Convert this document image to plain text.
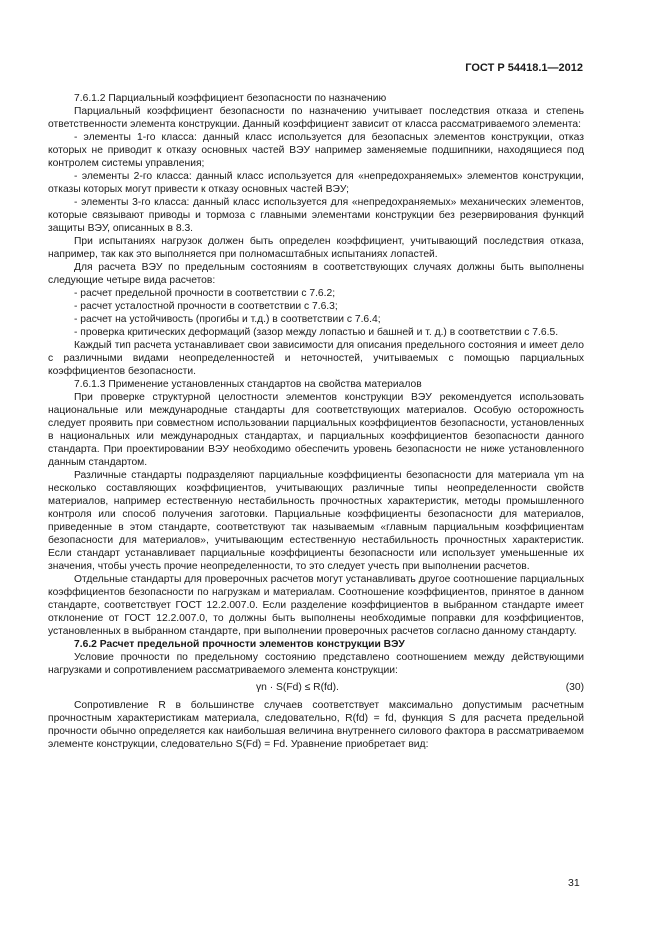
ГОСТ Р 54418.1—2012

7.6.1.2 Парциальный коэффициент безопасности по назначению

Парциальный коэффициент безопасности по назначению учитывает последствия отказа и степень ответственности элемента конструкции. Данный коэффициент зависит от класса рассматриваемого элемента:

- элементы 1-го класса: данный класс используется для безопасных элементов конструкции, отказ которых не приводит к отказу основных частей ВЭУ например заменяемые подшипники, находящиеся под контролем системы управления;

- элементы 2-го класса: данный класс используется для «непредохраняемых» элементов конструкции, отказы которых могут привести к отказу основных частей ВЭУ;

- элементы 3-го класса: данный класс используется для «непредохраняемых» механических элементов, которые связывают приводы и тормоза с главными элементами конструкции без резервирования функций защиты ВЭУ, описанных в 8.3.

При испытаниях нагрузок должен быть определен коэффициент, учитывающий последствия отказа, например, так как это выполняется при полномасштабных испытаниях лопастей.

Для расчета ВЭУ по предельным состояниям в соответствующих случаях должны быть выполнены следующие четыре вида расчетов:

- расчет предельной прочности в соответствии с 7.6.2;

- расчет усталостной прочности в соответствии с 7.6.3;

- расчет на устойчивость (прогибы и т.д.) в соответствии с 7.6.4;

- проверка критических деформаций (зазор между лопастью и башней и т. д.) в соответствии с 7.6.5.

Каждый тип расчета устанавливает свои зависимости для описания предельного состояния и имеет дело с различными видами неопределенностей и неточностей, учитываемых с помощью парциальных коэффициентов безопасности.

7.6.1.3 Применение установленных стандартов на свойства материалов

При проверке структурной целостности элементов конструкции ВЭУ рекомендуется использовать национальные или международные стандарты для соответствующих материалов. Особую осторожность следует проявить при совместном использовании парциальных коэффициентов безопасности, установленных в национальных или международных стандартах, и парциальных коэффициентов безопасности данного стандарта. При проектировании ВЭУ необходимо обеспечить уровень безопасности не ниже установленного данным стандартом.

Различные стандарты подразделяют парциальные коэффициенты безопасности для материала γm на несколько составляющих коэффициентов, учитывающих различные типы неопределенности свойств материалов, например естественную нестабильность прочностных характеристик, методы промышленного контроля или способ получения заготовки. Парциальные коэффициенты безопасности для материалов, приведенные в этом стандарте, соответствуют так называемым «главным парциальным коэффициентам безопасности для материалов», учитывающим естественную нестабильность прочностных характеристик. Если стандарт устанавливает парциальные коэффициенты безопасности или использует уменьшенные их значения, чтобы учесть прочие неопределенности, то это следует учесть при выполнении расчетов.

Отдельные стандарты для проверочных расчетов могут устанавливать другое соотношение парциальных коэффициентов безопасности по нагрузкам и материалам. Соотношение коэффициентов, принятое в данном стандарте, соответствует ГОСТ 12.2.007.0. Если разделение коэффициентов в выбранном стандарте имеет отклонение от ГОСТ 12.2.007.0, то должны быть выполнены необходимые поправки для коэффициентов, установленных в выбранном стандарте, при выполнении проверочных расчетов согласно данному стандарту.

7.6.2 Расчет предельной прочности элементов конструкции ВЭУ

Условие прочности по предельному состоянию представлено соотношением между действующими нагрузками и сопротивлением рассматриваемого элемента конструкции:

γn · S(Fd) ≤ R(fd).	(30)

Сопротивление R в большинстве случаев соответствует максимально допустимым расчетным прочностным характеристикам материала, следовательно, R(fd) = fd, функция S для расчета предельной прочности обычно определяется как наибольшая величина внутреннего силового фактора в рассматриваемом элементе конструкции, следовательно S(Fd) = Fd. Уравнение приобретает вид:

31
